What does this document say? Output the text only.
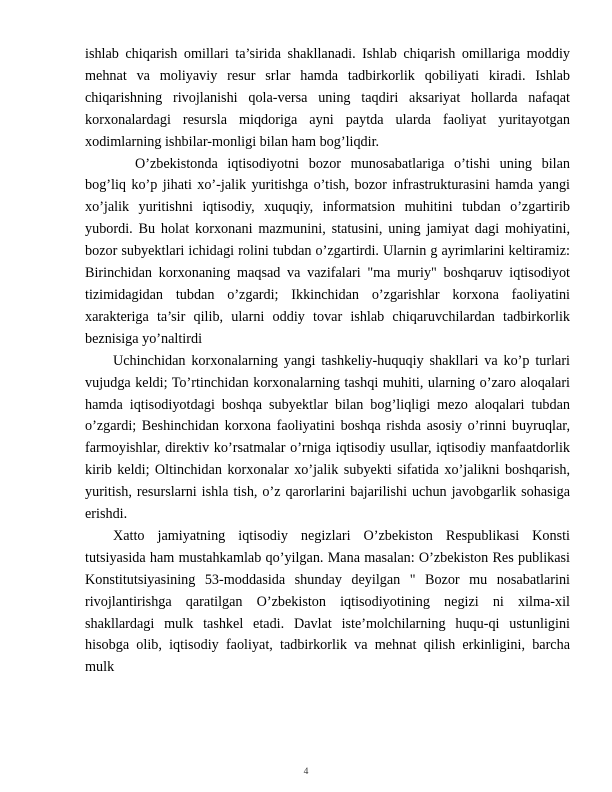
ishlab chiqarish omillari ta’sirida shakllanadi. Ishlab chiqarish omillariga moddiy mehnat va moliyaviy resur srlar hamda tadbirkorlik qobiliyati kiradi. Ishlab chiqarishning rivojlanishi qola-versa uning taqdiri aksariyat hollarda nafaqat korxonalardagi resursla miqdoriga ayni paytda ularda faoliyat yuritayotgan xodimlarning ishbilar-monligi bilan ham bog’liqdir.

O’zbekistonda iqtisodiyotni bozor munosabatlariga o’tishi uning bilan bog’liq ko’p jihati xo’-jalik yuritishga o’tish, bozor infrastrukturasini hamda yangi xo’jalik yuritishni iqtisodiy, xuquqiy, informatsion muhitini tubdan o’zgartirib yubordi. Bu holat korxonani mazmunini, statusini, uning jamiyat dagi mohiyatini, bozor subyektlari ichidagi rolini tubdan o’zgartirdi. Ularnin g ayrimlarini keltiramiz: Birinchidan korxonaning maqsad va vazifalari "ma muriy" boshqaruv iqtisodiyot tizimidagidan tubdan o’zgardi; Ikkinchidan o’zgarishlar korxona faoliyatini xarakteriga ta’sir qilib, ularni oddiy tovar ishlab chiqaruvchilardan tadbirkorlik beznisiga yo’naltirdi

Uchinchidan korxonalarning yangi tashkeliy-huquqiy shakllari va ko’p turlari vujudga keldi; To’rtinchidan korxonalarning tashqi muhiti, ularning o’zaro aloqalari hamda iqtisodiyotdagi boshqa subyektlar bilan bog’liqligi mezo aloqalari tubdan o’zgardi; Beshinchidan korxona faoliyatini boshqa rishda asosiy o’rinni buyruqlar, farmoyishlar, direktiv ko’rsatmalar o’rniga iqtisodiy usullar, iqtisodiy manfaatdorlik kirib keldi; Oltinchidan korxonalar xo’jalik subyekti sifatida xo’jalikni boshqarish, yuritish, resurslarni ishla tish, o’z qarorlarini bajarilishi uchun javobgarlik sohasiga erishdi.

Xatto jamiyatning iqtisodiy negizlari O’zbekiston Respublikasi Konsti tutsiyasida ham mustahkamlab qo’yilgan. Mana masalan: O’zbekiston Res publikasi Konstitutsiyasining 53-moddasida shunday deyilgan " Bozor mu nosabatlarini rivojlantirishga qaratilgan O’zbekiston iqtisodiyotining negizi ni xilma-xil shakllardagi mulk tashkel etadi. Davlat iste’molchilarning huqu-qi ustunligini hisobga olib, iqtisodiy faoliyat, tadbirkorlik va mehnat qilish erkinligini, barcha mulk

4
